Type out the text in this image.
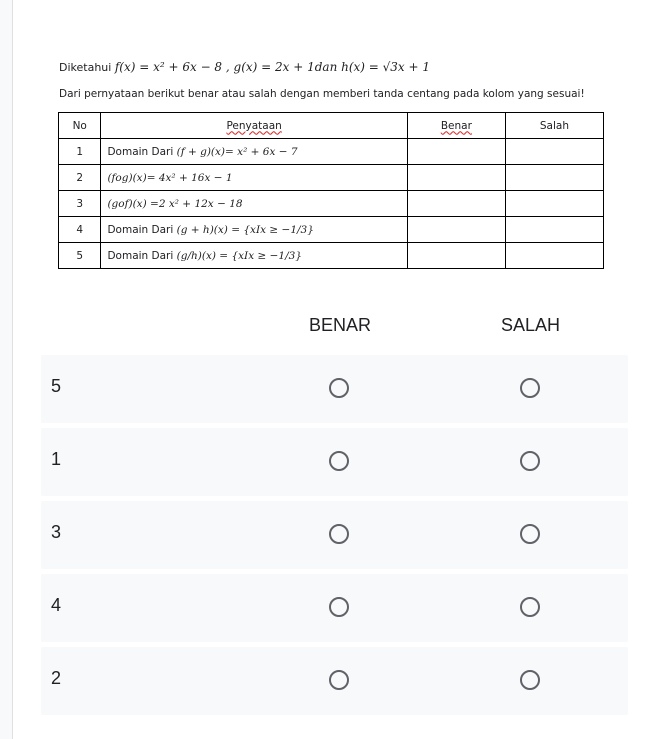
Diketahui f(x) = x² + 6x − 8 , g(x) = 2x + 1dan h(x) = √3x + 1
Dari pernyataan berikut benar atau salah dengan memberi tanda centang pada kolom yang sesuai!
No	Penyataan	Benar	Salah
1	Domain Dari (f + g)(x)= x² + 6x − 7		
2	(fog)(x)= 4x² + 16x − 1		
3	(gof)(x) =2 x² + 12x − 18		
4	Domain Dari (g + h)(x) = {xIx ≥ −1/3}		
5	Domain Dari (g/h)(x) = {xIx ≥ −1/3}		
BENAR	SALAH
5
1
3
4
2
